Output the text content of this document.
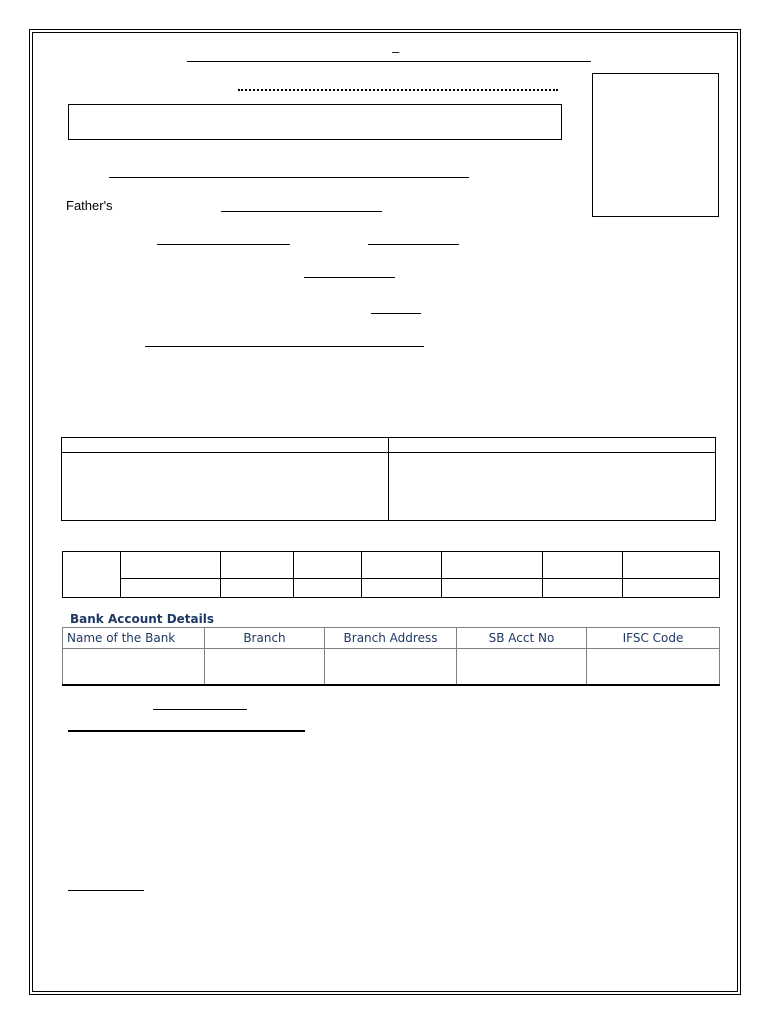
–
Father's

Bank Account Details
Name of the Bank	Branch	Branch Address	SB Acct No	IFSC Code
